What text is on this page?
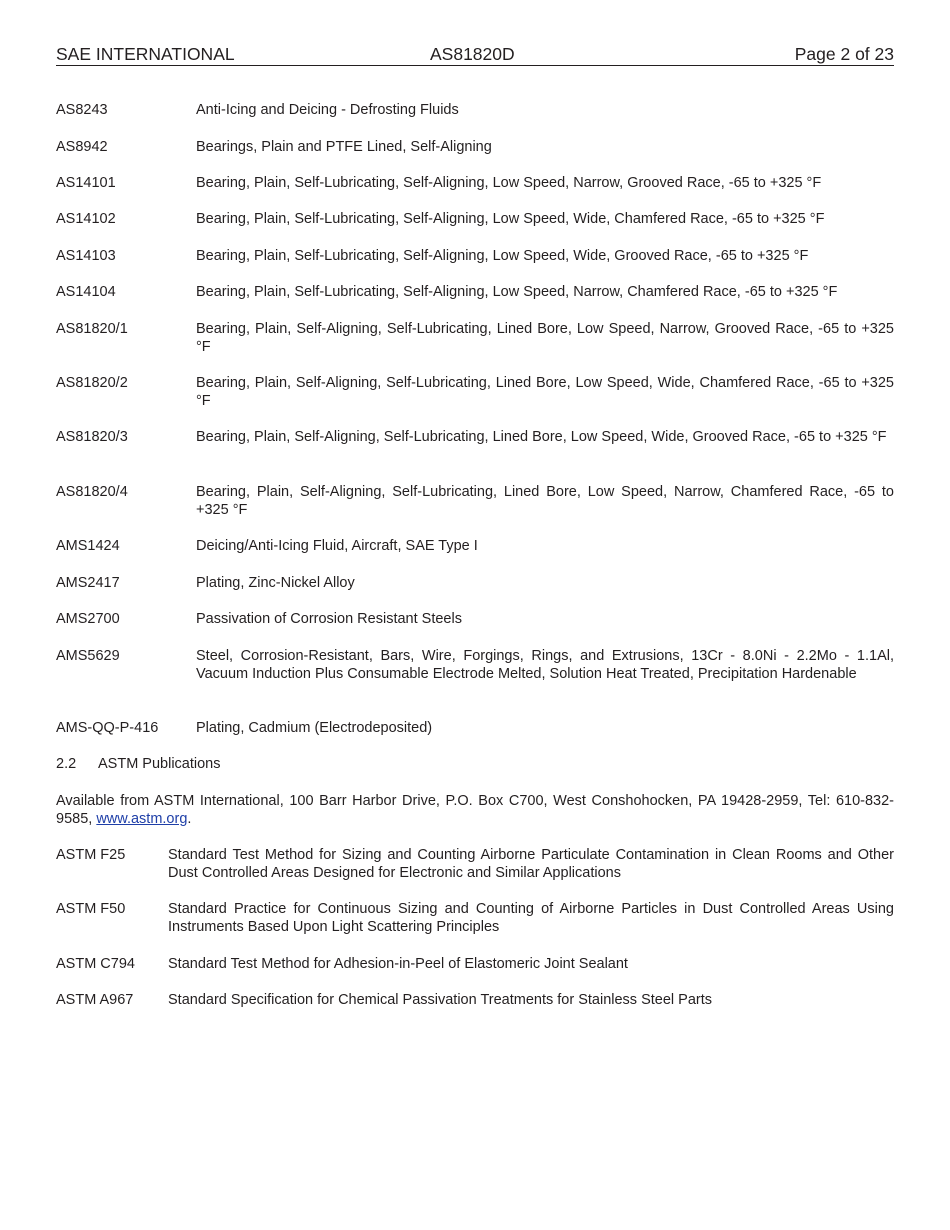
SAE INTERNATIONAL	AS81820D	Page 2 of 23
AS8243	Anti-Icing and Deicing - Defrosting Fluids
AS8942	Bearings, Plain and PTFE Lined, Self-Aligning
AS14101	Bearing, Plain, Self-Lubricating, Self-Aligning, Low Speed, Narrow, Grooved Race, -65 to +325 °F
AS14102	Bearing, Plain, Self-Lubricating, Self-Aligning, Low Speed, Wide, Chamfered Race, -65 to +325 °F
AS14103	Bearing, Plain, Self-Lubricating, Self-Aligning, Low Speed, Wide, Grooved Race, -65 to +325 °F
AS14104	Bearing, Plain, Self-Lubricating, Self-Aligning, Low Speed, Narrow, Chamfered Race, -65 to +325 °F
AS81820/1	Bearing, Plain, Self-Aligning, Self-Lubricating, Lined Bore, Low Speed, Narrow, Grooved Race, -65 to +325 °F
AS81820/2	Bearing, Plain, Self-Aligning, Self-Lubricating, Lined Bore, Low Speed, Wide, Chamfered Race, -65 to +325 °F
AS81820/3	Bearing, Plain, Self-Aligning, Self-Lubricating, Lined Bore, Low Speed, Wide, Grooved Race, -65 to +325 °F
AS81820/4	Bearing, Plain, Self-Aligning, Self-Lubricating, Lined Bore, Low Speed, Narrow, Chamfered Race, -65 to +325 °F
AMS1424	Deicing/Anti-Icing Fluid, Aircraft, SAE Type I
AMS2417	Plating, Zinc-Nickel Alloy
AMS2700	Passivation of Corrosion Resistant Steels
AMS5629	Steel, Corrosion-Resistant, Bars, Wire, Forgings, Rings, and Extrusions, 13Cr - 8.0Ni - 2.2Mo - 1.1Al, Vacuum Induction Plus Consumable Electrode Melted, Solution Heat Treated, Precipitation Hardenable
AMS-QQ-P-416	Plating, Cadmium (Electrodeposited)
2.2 ASTM Publications
Available from ASTM International, 100 Barr Harbor Drive, P.O. Box C700, West Conshohocken, PA 19428-2959, Tel: 610-832-9585, www.astm.org.
ASTM F25	Standard Test Method for Sizing and Counting Airborne Particulate Contamination in Clean Rooms and Other Dust Controlled Areas Designed for Electronic and Similar Applications
ASTM F50	Standard Practice for Continuous Sizing and Counting of Airborne Particles in Dust Controlled Areas Using Instruments Based Upon Light Scattering Principles
ASTM C794 Standard Test Method for Adhesion-in-Peel of Elastomeric Joint Sealant
ASTM A967 Standard Specification for Chemical Passivation Treatments for Stainless Steel Parts
